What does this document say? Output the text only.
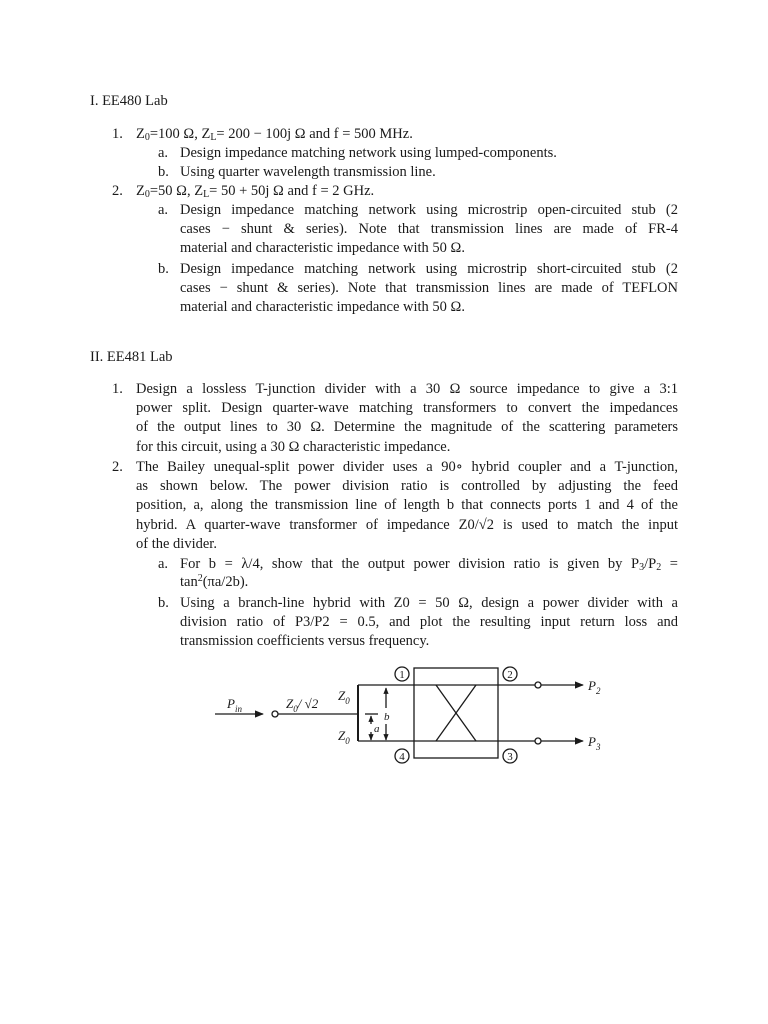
I. EE480 Lab
1. $Z_0=100$ Ω, $Z_L= 200 - 100j$ Ω and f = 500 MHz.
a. Design impedance matching network using lumped-components.
b. Using quarter wavelength transmission line.
2. $Z_0=50$ Ω, $Z_L= 50 + 50j$ Ω and f = 2 GHz.
a. Design impedance matching network using microstrip open-circuited stub (2
cases − shunt & series). Note that transmission lines are made of FR-4
material and characteristic impedance with 50 Ω.
b. Design impedance matching network using microstrip short-circuited stub (2
cases − shunt & series). Note that transmission lines are made of TEFLON
material and characteristic impedance with 50 Ω.
II. EE481 Lab
1. Design a lossless T-junction divider with a 30 Ω source impedance to give a 3:1
power split. Design quarter-wave matching transformers to convert the impedances
of the output lines to 30 Ω. Determine the magnitude of the scattering parameters
for this circuit, using a 30 Ω characteristic impedance.
2. The Bailey unequal-split power divider uses a 90∘ hybrid coupler and a T-junction,
as shown below. The power division ratio is controlled by adjusting the feed
position, a, along the transmission line of length b that connects ports 1 and 4 of the
hybrid. A quarter-wave transformer of impedance Z0/√2 is used to match the input
of the divider.
a. For b = λ/4, show that the output power division ratio is given by $P_3/P_2$ =
$\tan^2(\pi a/2b)$.
b. Using a branch-line hybrid with Z0 = 50 Ω, design a power divider with a
division ratio of P3/P2 = 0.5, and plot the resulting input return loss and
transmission coefficients versus frequency.
$P_{in}$	$Z_0/$ √2
$Z_0$
$Z_0$
b
a
1	2
3
4
$P_2$
$P_3$
